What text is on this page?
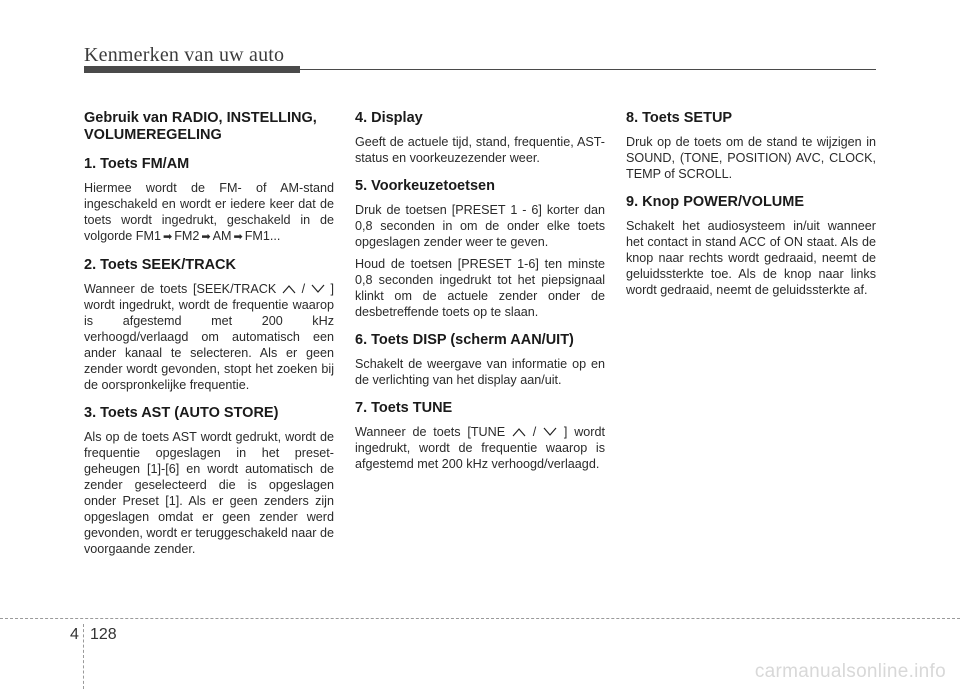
Kenmerken van uw auto
Gebruik van RADIO, INSTELLING, VOLUMEREGELING
1. Toets FM/AM

Hiermee wordt de FM- of AM-stand ingeschakeld en wordt er iedere keer dat de toets wordt ingedrukt, geschakeld in de volgorde FM1 ➡ FM2 ➡ AM ➡ FM1...

2. Toets SEEK/TRACK

Wanneer de toets [SEEK/TRACK / ] wordt ingedrukt, wordt de frequentie waarop is afgestemd met 200 kHz verhoogd/verlaagd om automatisch een ander kanaal te selecteren. Als er geen zender wordt gevonden, stopt het zoeken bij de oorspronkelijke frequentie.

3. Toets AST (AUTO STORE)

Als op de toets AST wordt gedrukt, wordt de frequentie opgeslagen in het preset-geheugen [1]-[6] en wordt automatisch de zender geselecteerd die is opgeslagen onder Preset [1]. Als er geen zenders zijn opgeslagen omdat er geen zender werd gevonden, wordt er teruggeschakeld naar de voorgaande zender.

4. Display

Geeft de actuele tijd, stand, frequentie, AST-status en voorkeuzezender weer.

5. Voorkeuzetoetsen

Druk de toetsen [PRESET 1 - 6] korter dan 0,8 seconden in om de onder elke toets opgeslagen zender weer te geven.

Houd de toetsen [PRESET 1-6] ten minste 0,8 seconden ingedrukt tot het piepsignaal klinkt om de actuele zender onder de desbetreffende toets op te slaan.

6. Toets DISP (scherm AAN/UIT)

Schakelt de weergave van informatie op en de verlichting van het display aan/uit.

7. Toets TUNE

Wanneer de toets [TUNE / ] wordt ingedrukt, wordt de frequentie waarop is afgestemd met 200 kHz verhoogd/verlaagd.

8. Toets SETUP

Druk op de toets om de stand te wijzigen in SOUND, (TONE, POSITION) AVC, CLOCK, TEMP of SCROLL.

9. Knop POWER/VOLUME

Schakelt het audiosysteem in/uit wanneer het contact in stand ACC of ON staat. Als de knop naar rechts wordt gedraaid, neemt de geluidssterkte toe. Als de knop naar links wordt gedraaid, neemt de geluidssterkte af.

4 128
carmanualsonline.info
